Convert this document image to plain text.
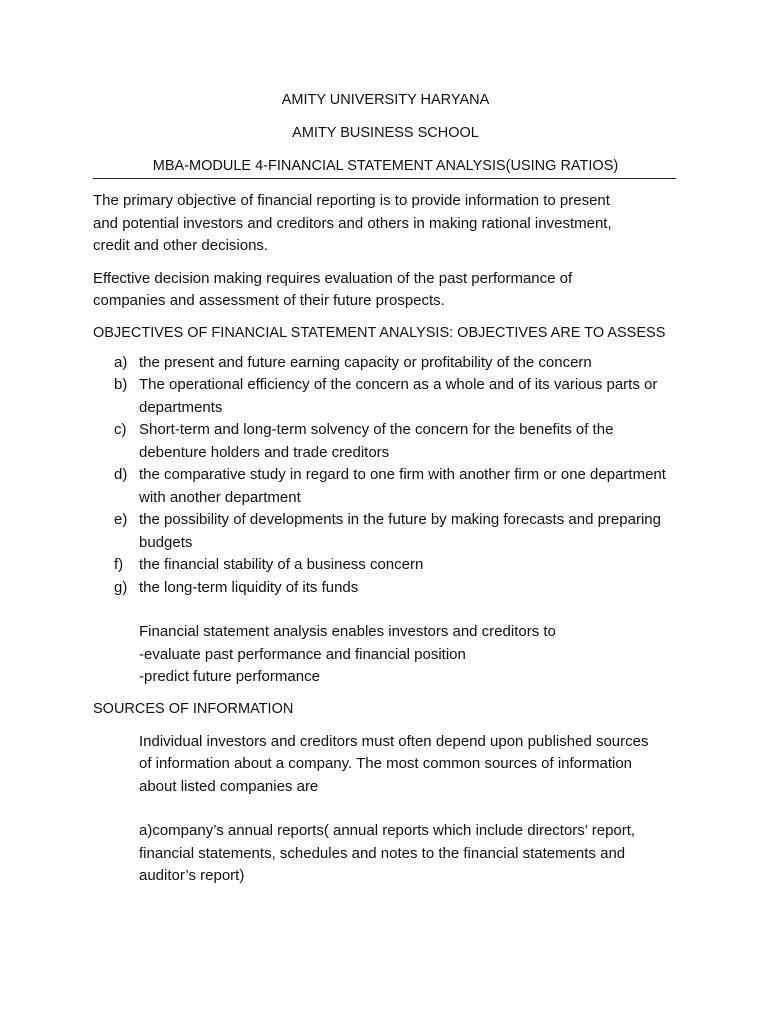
AMITY UNIVERSITY HARYANA

AMITY BUSINESS SCHOOL

MBA-MODULE 4-FINANCIAL STATEMENT ANALYSIS(USING RATIOS)

The primary objective of financial reporting is to provide information to present and potential investors and creditors and others in making rational investment, credit and other decisions.

Effective decision making requires evaluation of the past performance of companies and assessment of their future prospects.

OBJECTIVES OF FINANCIAL STATEMENT ANALYSIS: OBJECTIVES ARE TO ASSESS

a) the present and future earning capacity or profitability of the concern
b) The operational efficiency of the concern as a whole and of its various parts or departments
c) Short-term and long-term solvency of the concern for the benefits of the debenture holders and trade creditors
d) the comparative study in regard to one firm with another firm or one department with another department
e) the possibility of developments in the future by making forecasts and preparing budgets
f) the financial stability of a business concern
g) the long-term liquidity of its funds
Financial statement analysis enables investors and creditors to
-evaluate past performance and financial position
-predict future performance

SOURCES OF INFORMATION

Individual investors and creditors must often depend upon published sources of information about a company. The most common sources of information about listed companies are

a)company’s annual reports( annual reports which include directors’ report, financial statements, schedules and notes to the financial statements and auditor’s report)
